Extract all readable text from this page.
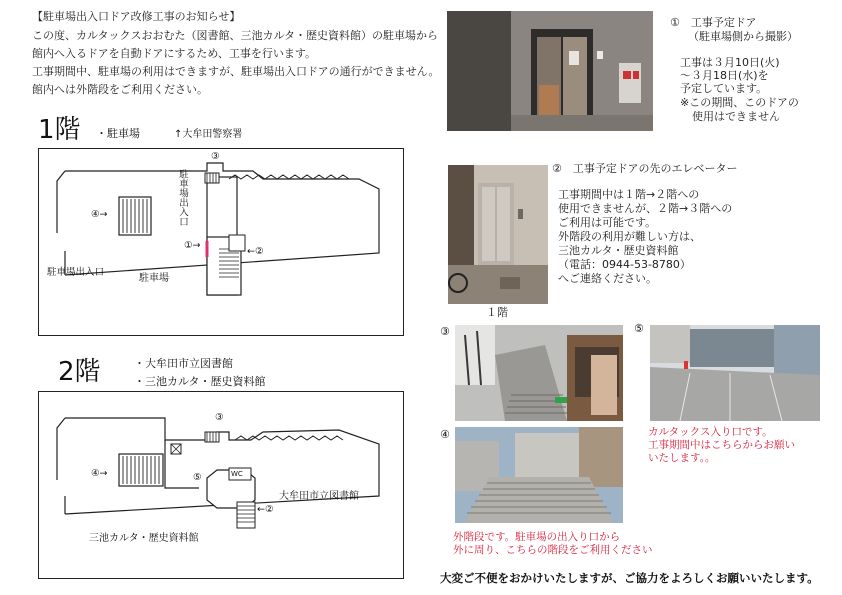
【駐車場出入口ドア改修工事のお知らせ】
この度、カルタックスおおむた（図書館、三池カルタ・歴史資料館）の駐車場から
館内へ入るドアを自動ドアにするため、工事を行います。
工事期間中、駐車場の利用はできますが、駐車場出入口ドアの通行ができません。
館内へは外階段をご利用ください。
1階 ・駐車場	↑大牟田警察署
駐車場出入口
駐車場出入口
駐車場
①→
←②
③
④→
2階	・大牟田市立図書館
・三池カルタ・歴史資料館
WC
大牟田市立図書館
三池カルタ・歴史資料館
←②
③
④→	⑤
①　工事予定ドア
（駐車場側から撮影）
工事は３月10日(火)
～３月18日(水)を
予定しています。
※この期間、このドアの
使用はできません
１階
②　工事予定ドアの先のエレベーター
工事期間中は１階→２階への
使用できませんが、２階→３階への
ご利用は可能です。
外階段の利用が難しい方は、
三池カルタ・歴史資料館
（電話：0944-53-8780）
へご連絡ください。
③
④
外階段です。駐車場の出入り口から
外に周り、こちらの階段をご利用ください
⑤
カルタックス入り口です。
工事期間中はこちらからお願い
いたします。。
大変ご不便をおかけいたしますが、ご協力をよろしくお願いいたします。
